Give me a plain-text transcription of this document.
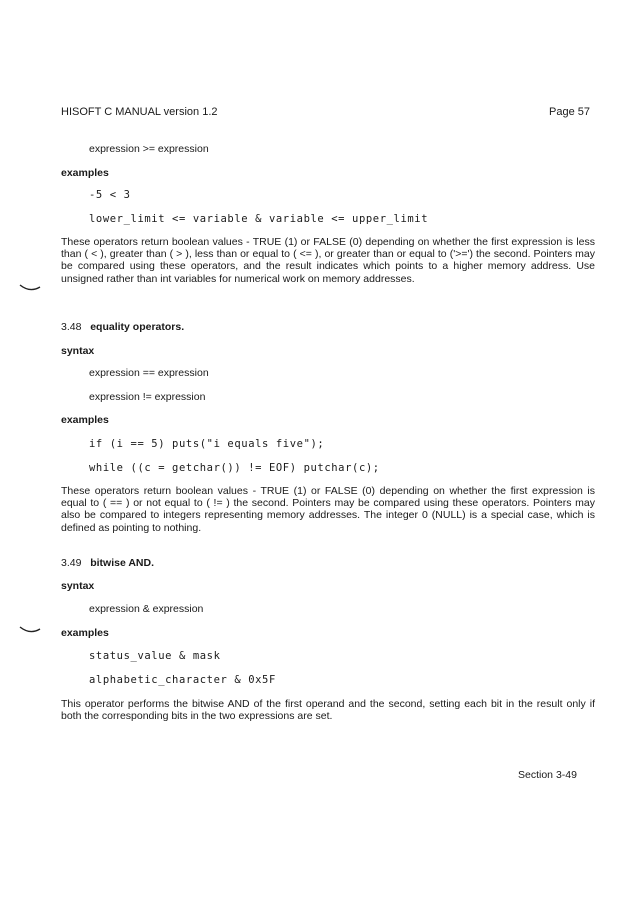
HISOFT C MANUAL version 1.2	Page 57
expression >= expression
examples
-5 < 3
lower_limit <= variable & variable <= upper_limit

These operators return boolean values - TRUE (1) or FALSE (0) depending on whether the first expression is less than ( < ), greater than ( > ), less than or equal to ( <= ), or greater than or equal to ('>=') the second. Pointers may be compared using these operators, and the result indicates which points to a higher memory address. Use unsigned rather than int variables for numerical work on memory addresses.

3.48 equality operators.
syntax
expression == expression
expression != expression
examples
if (i == 5) puts("i equals five");
while ((c = getchar()) != EOF) putchar(c);

These operators return boolean values - TRUE (1) or FALSE (0) depending on whether the first expression is equal to ( == ) or not equal to ( != ) the second. Pointers may be compared using these operators. Pointers may also be compared to integers representing memory addresses. The integer 0 (NULL) is a special case, which is defined as pointing to nothing.

3.49 bitwise AND.
syntax
expression & expression
examples
status_value & mask
alphabetic_character & 0x5F

This operator performs the bitwise AND of the first operand and the second, setting each bit in the result only if both the corresponding bits in the two expressions are set.

Section 3-49
